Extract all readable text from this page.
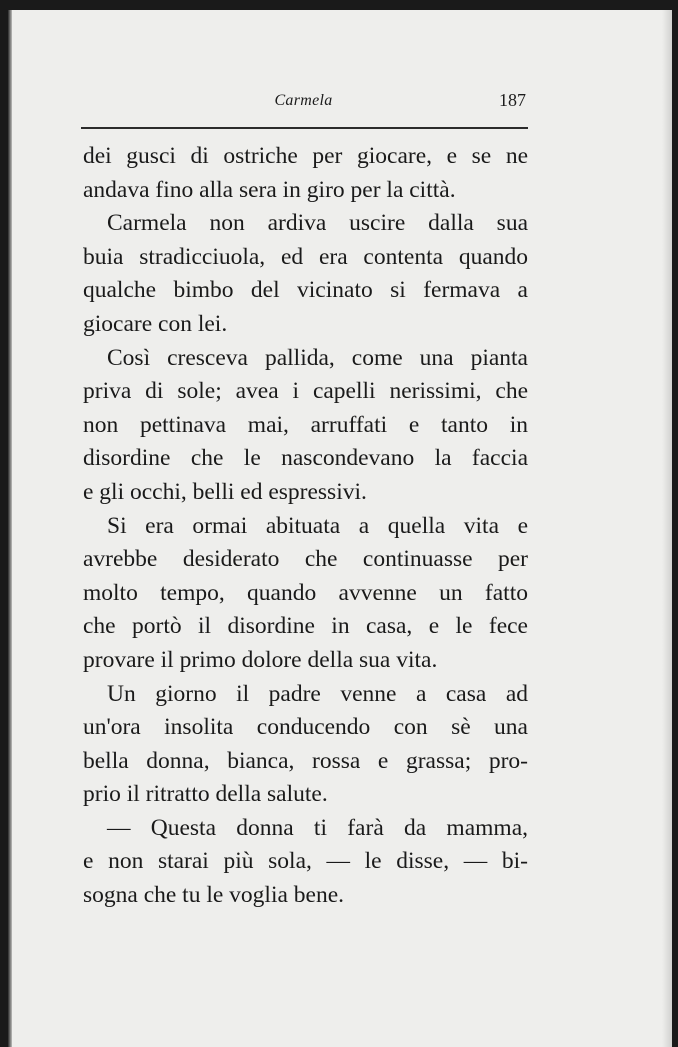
Carmela	187
dei gusci di ostriche per giocare, e se ne
andava fino alla sera in giro per la città.
Carmela non ardiva uscire dalla sua
buia stradicciuola, ed era contenta quando
qualche bimbo del vicinato si fermava a
giocare con lei.
Così cresceva pallida, come una pianta
priva di sole; avea i capelli nerissimi, che
non pettinava mai, arruffati e tanto in
disordine che le nascondevano la faccia
e gli occhi, belli ed espressivi.
Si era ormai abituata a quella vita e
avrebbe desiderato che continuasse per
molto tempo, quando avvenne un fatto
che portò il disordine in casa, e le fece
provare il primo dolore della sua vita.
Un giorno il padre venne a casa ad
un'ora insolita conducendo con sè una
bella donna, bianca, rossa e grassa; pro-
prio il ritratto della salute.
— Questa donna ti farà da mamma,
e non starai più sola, — le disse, — bi-
sogna che tu le voglia bene.
